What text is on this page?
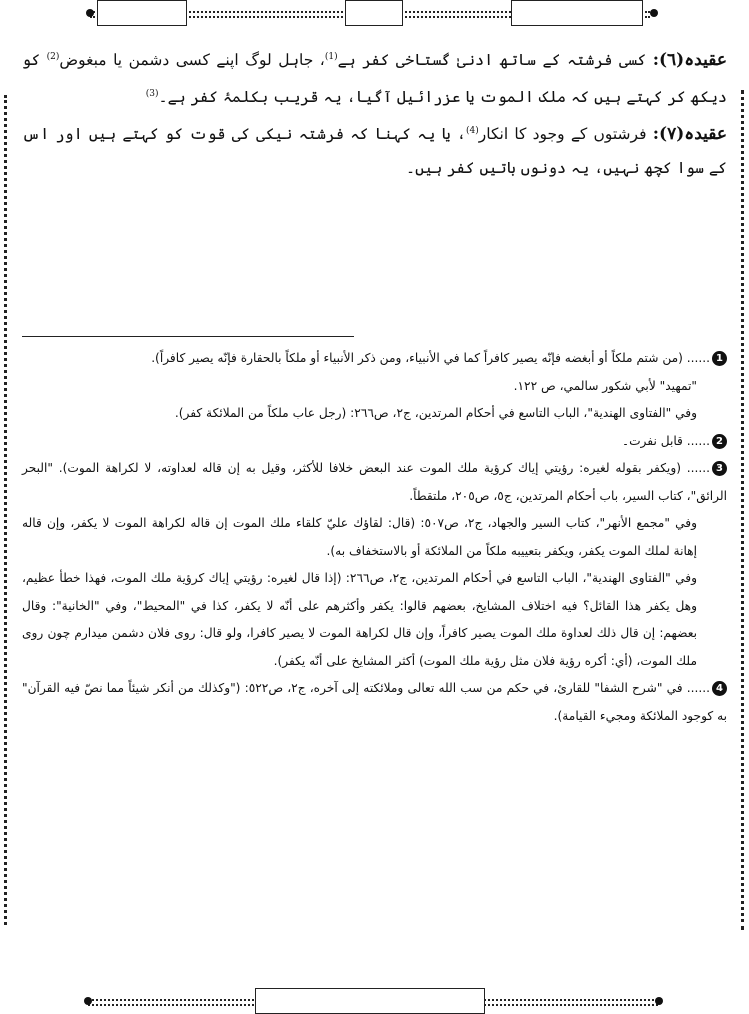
عقیدہ(٦): کسی فرشتہ کے ساتھ ادنیٰ گستاخی کفر ہے$^{(1)}$، جاہل لوگ اپنے کسی دشمن یا مبغوض$^{(2)}$ کو دیکھ کر کہتے ہیں کہ ملک الموت یا عزرائیل آگیا، یہ قریب بکلمۂ کفر ہے۔$^{(3)}$

عقیدہ(٧): فرشتوں کے وجود کا انکار$^{(4)}$، یا یہ کہنا کہ فرشتہ نیکی کی قوت کو کہتے ہیں اور اس کے سوا کچھ نہیں، یہ دونوں باتیں کفر ہیں۔

1...... (من شتم ملكاً أو أبغضه فإنّه يصير كافراً كما في الأنبياء، ومن ذكر الأنبياء أو ملكاً بالحقارة فإنّه يصير كافراً).

"تمهيد" لأبي شكور سالمي، ص ١٢٢.

وفي "الفتاوى الهندية"، الباب التاسع في أحكام المرتدين، ج٢، ص٢٦٦: (رجل عاب ملكاً من الملائكة كفر).

2...... قابل نفرت۔

3...... (ويكفر بقوله لغيره: رؤيتي إياك كرؤية ملك الموت عند البعض خلافا للأكثر، وقيل به إن قاله لعداوته، لا لكراهة الموت). "البحر الرائق"، كتاب السير، باب أحكام المرتدين، ج٥، ص٢٠٥، ملتقطاً.

وفي "مجمع الأنهر"، كتاب السير والجهاد، ج٢، ص٥٠٧: (قال: لقاؤك عليّ كلقاء ملك الموت إن قاله لكراهة الموت لا يكفر، وإن قاله إهانة لملك الموت يكفر، ويكفر بتعييبه ملكاً من الملائكة أو بالاستخفاف به).

وفي "الفتاوى الهندية"، الباب التاسع في أحكام المرتدين، ج٢، ص٢٦٦: (إذا قال لغيره: رؤيتي إياك كرؤية ملك الموت، فهذا خطأ عظيم، وهل يكفر هذا القائل؟ فيه اختلاف المشايخ، بعضهم قالوا: يكفر وأكثرهم على أنّه لا يكفر، كذا في "المحيط"، وفي "الخانية": وقال بعضهم: إن قال ذلك لعداوة ملك الموت يصير كافراً، وإن قال لكراهة الموت لا يصير كافرا، ولو قال: روی فلان دشمن میدارم چون روی ملك الموت، (أي: أكره رؤية فلان مثل رؤية ملك الموت) أكثر المشايخ على أنّه يكفر).

4...... في "شرح الشفا" للقارئ، في حكم من سب الله تعالى وملائكته إلى آخره، ج٢، ص٥٢٢: ("وكذلك من أنكر شيئاً مما نصّ فيه القرآن" به كوجود الملائكة ومجيء القيامة).
